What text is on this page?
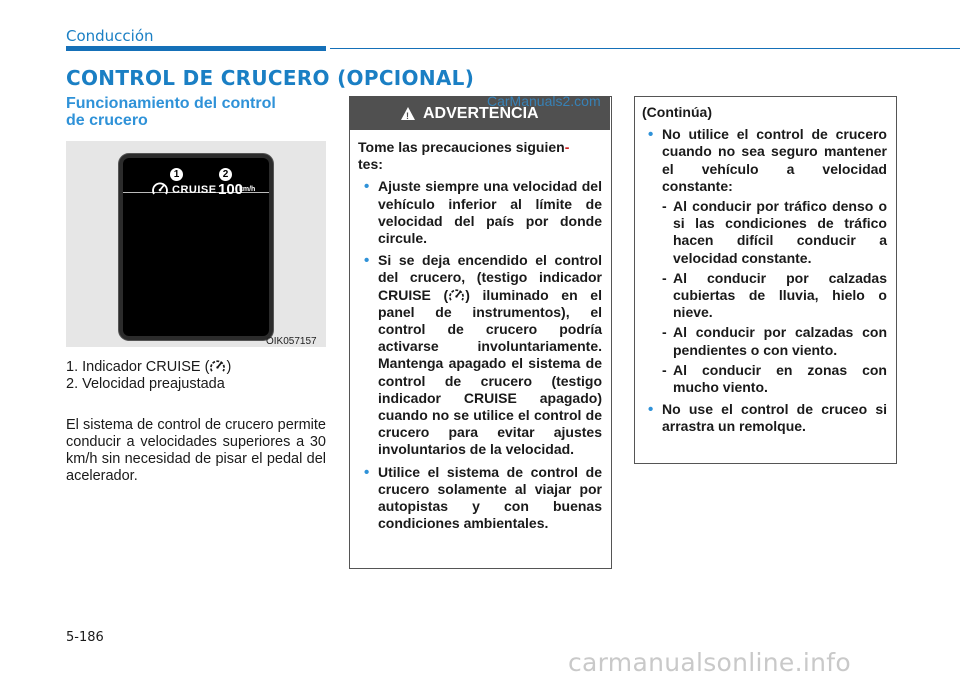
Conducción
CONTROL DE CRUCERO (OPCIONAL)
Funcionamiento del control
de crucero
1	2
CRUISE 100
km/h
OIK057157
1. Indicador CRUISE ( )
2. Velocidad preajustada
El sistema de control de crucero permite conducir a velocidades superiores a 30 km/h sin necesidad de pisar el pedal del acelerador.
! ADVERTENCIA
CarManuals2.com
Tome las precauciones siguien-
tes:
• Ajuste siempre una velocidad del vehículo inferior al límite de velocidad del país por donde circule.
• Si se deja encendido el control del crucero, (testigo indicador CRUISE ( ) iluminado en el panel de instrumentos), el control de crucero podría activarse involuntariamente. Mantenga apagado el sistema de control de crucero (testigo indicador CRUISE apagado) cuando no se utilice el control de crucero para evitar ajustes involuntarios de la velocidad.
• Utilice el sistema de control de crucero solamente al viajar por autopistas y con buenas condiciones ambientales.
(Continúa)
• No utilice el control de crucero cuando no sea seguro mantener el vehículo a velocidad constante:
- Al conducir por tráfico denso o si las condiciones de tráfico hacen difícil conducir a velocidad constante.
- Al conducir por calzadas cubiertas de lluvia, hielo o nieve.
- Al conducir por calzadas con pendientes o con viento.
- Al conducir en zonas con mucho viento.
• No use el control de cruceo si arrastra un remolque.
5-186
carmanualsonline.info
